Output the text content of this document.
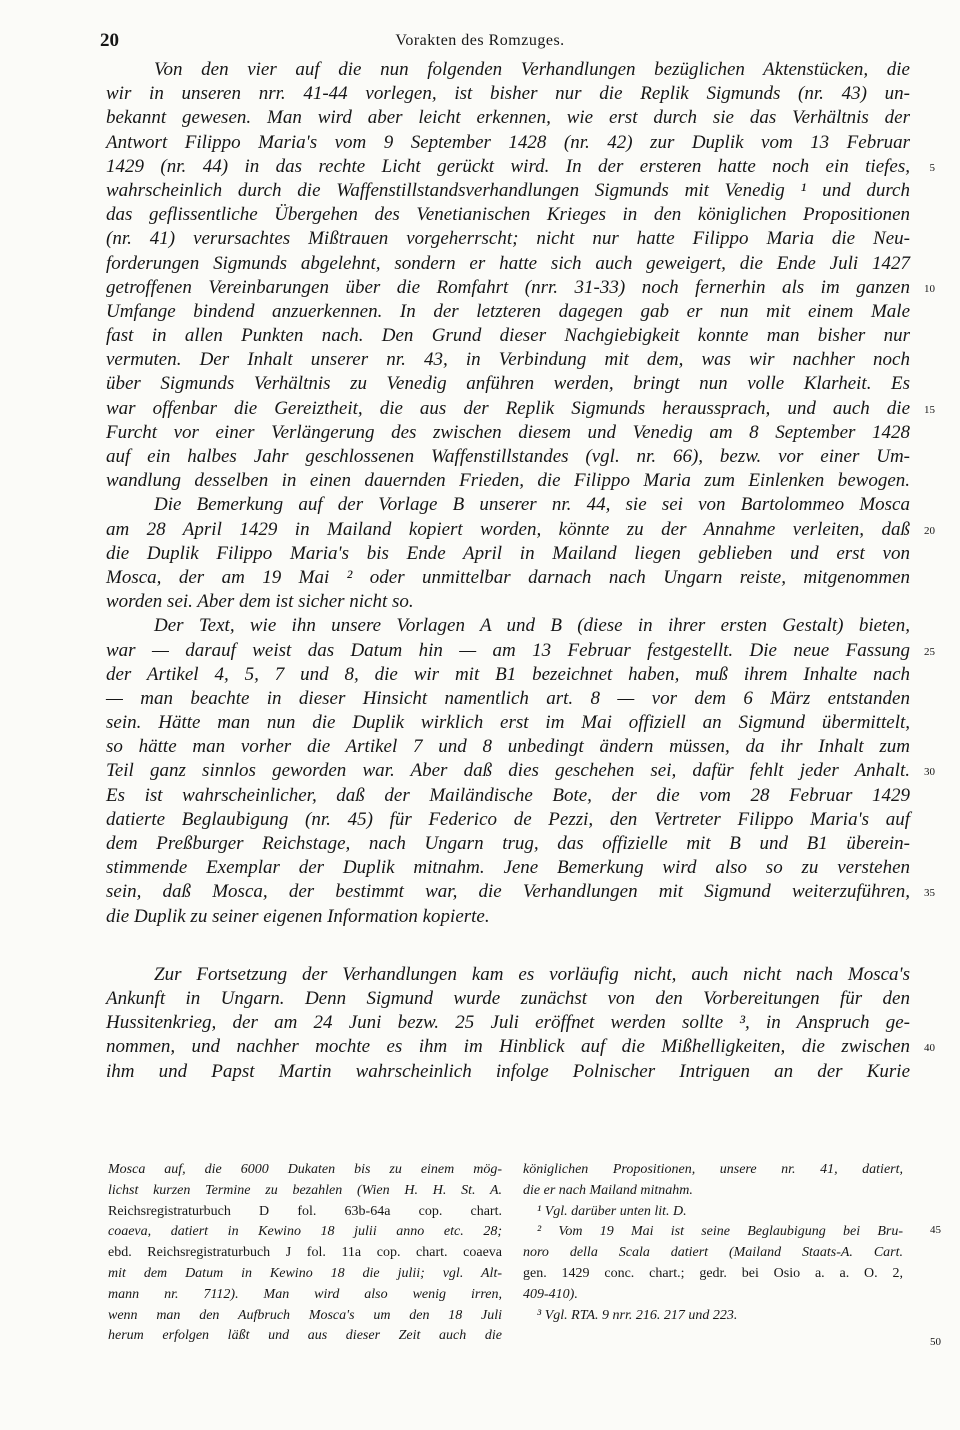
20	Vorakten des Romzuges.
Von den vier auf die nun folgenden Verhandlungen bezüglichen Aktenstücken, die
wir in unseren nrr. 41-44 vorlegen, ist bisher nur die Replik Sigmunds (nr. 43) un-
bekannt gewesen. Man wird aber leicht erkennen, wie erst durch sie das Verhältnis der
Antwort Filippo Maria's vom 9 September 1428 (nr. 42) zur Duplik vom 13 Februar
1429 (nr. 44) in das rechte Licht gerückt wird. In der ersteren hatte noch ein tiefes, 5
wahrscheinlich durch die Waffenstillstandsverhandlungen Sigmunds mit Venedig ¹ und durch
das geflissentliche Übergehen des Venetianischen Krieges in den königlichen Propositionen
(nr. 41) verursachtes Mißtrauen vorgeherrscht; nicht nur hatte Filippo Maria die Neu-
forderungen Sigmunds abgelehnt, sondern er hatte sich auch geweigert, die Ende Juli 1427
getroffenen Vereinbarungen über die Romfahrt (nrr. 31-33) noch fernerhin als im ganzen 10
Umfange bindend anzuerkennen. In der letzteren dagegen gab er nun mit einem Male
fast in allen Punkten nach. Den Grund dieser Nachgiebigkeit konnte man bisher nur
vermuten. Der Inhalt unserer nr. 43, in Verbindung mit dem, was wir nachher noch
über Sigmunds Verhältnis zu Venedig anführen werden, bringt nun volle Klarheit. Es
war offenbar die Gereiztheit, die aus der Replik Sigmunds heraussprach, und auch die 15
Furcht vor einer Verlängerung des zwischen diesem und Venedig am 8 September 1428
auf ein halbes Jahr geschlossenen Waffenstillstandes (vgl. nr. 66), bezw. vor einer Um-
wandlung desselben in einen dauernden Frieden, die Filippo Maria zum Einlenken bewogen.
Die Bemerkung auf der Vorlage B unserer nr. 44, sie sei von Bartolommeo Mosca
am 28 April 1429 in Mailand kopiert worden, könnte zu der Annahme verleiten, daß 20
die Duplik Filippo Maria's bis Ende April in Mailand liegen geblieben und erst von
Mosca, der am 19 Mai ² oder unmittelbar darnach nach Ungarn reiste, mitgenommen
worden sei. Aber dem ist sicher nicht so.
Der Text, wie ihn unsere Vorlagen A und B (diese in ihrer ersten Gestalt) bieten,
war — darauf weist das Datum hin — am 13 Februar festgestellt. Die neue Fassung 25
der Artikel 4, 5, 7 und 8, die wir mit B1 bezeichnet haben, muß ihrem Inhalte nach
— man beachte in dieser Hinsicht namentlich art. 8 — vor dem 6 März entstanden
sein. Hätte man nun die Duplik wirklich erst im Mai offiziell an Sigmund übermittelt,
so hätte man vorher die Artikel 7 und 8 unbedingt ändern müssen, da ihr Inhalt zum
Teil ganz sinnlos geworden war. Aber daß dies geschehen sei, dafür fehlt jeder Anhalt. 30
Es ist wahrscheinlicher, daß der Mailändische Bote, der die vom 28 Februar 1429
datierte Beglaubigung (nr. 45) für Federico de Pezzi, den Vertreter Filippo Maria's auf
dem Preßburger Reichstage, nach Ungarn trug, das offizielle mit B und B1 überein-
stimmende Exemplar der Duplik mitnahm. Jene Bemerkung wird also so zu verstehen
sein, daß Mosca, der bestimmt war, die Verhandlungen mit Sigmund weiterzuführen, 35
die Duplik zu seiner eigenen Information kopierte.
Zur Fortsetzung der Verhandlungen kam es vorläufig nicht, auch nicht nach Mosca's
Ankunft in Ungarn. Denn Sigmund wurde zunächst von den Vorbereitungen für den
Hussitenkrieg, der am 24 Juni bezw. 25 Juli eröffnet werden sollte ³, in Anspruch ge-
nommen, und nachher mochte es ihm im Hinblick auf die Mißhelligkeiten, die zwischen 40
ihm und Papst Martin wahrscheinlich infolge Polnischer Intriguen an der Kurie
Mosca auf, die 6000 Dukaten bis zu einem mög-
lichst kurzen Termine zu bezahlen (Wien H. H. St. A.
Reichsregistraturbuch D fol. 63b-64a cop. chart.
coaeva, datiert in Kewino 18 julii anno etc. 28;
ebd. Reichsregistraturbuch J fol. 11a cop. chart. coaeva
mit dem Datum in Kewino 18 die julii; vgl. Alt-
mann nr. 7112). Man wird also wenig irren,
wenn man den Aufbruch Mosca's um den 18 Juli
herum erfolgen läßt und aus dieser Zeit auch die
königlichen Propositionen, unsere nr. 41, datiert,
die er nach Mailand mitnahm.
¹ Vgl. darüber unten lit. D.
² Vom 19 Mai ist seine Beglaubigung bei Bru-
noro della Scala datiert (Mailand Staats-A. Cart.
gen. 1429 conc. chart.; gedr. bei Osio a. a. O. 2,
409-410).
³ Vgl. RTA. 9 nrr. 216. 217 und 223.
45
50
